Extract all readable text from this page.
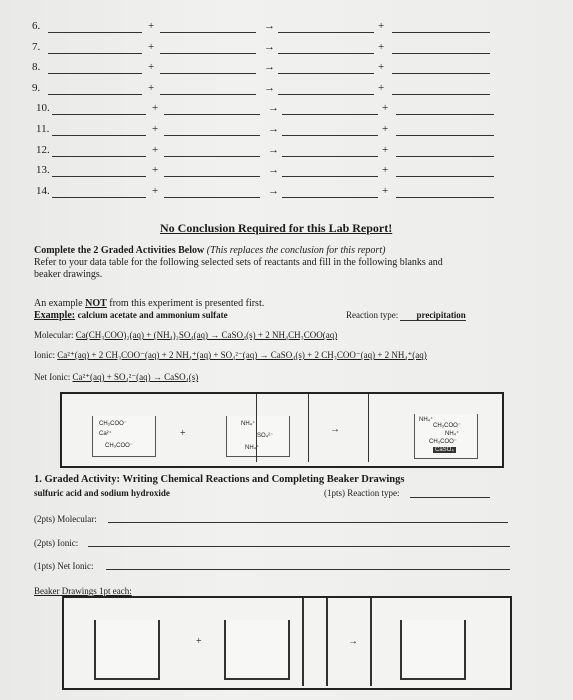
6.	+	→	+
7.	+	→	+
8.	+	→	+
9.	+	→	+
10.	+	→	+
11.	+	→	+
12.	+	→	+
13.	+	→	+
14.	+	→	+
No Conclusion Required for this Lab Report!
Complete the 2 Graded Activities Below (This replaces the conclusion for this report)
Refer to your data table for the following selected sets of reactants and fill in the following blanks and
beaker drawings.
An example NOT from this experiment is presented first.
Example: calcium acetate and ammonium sulfate	Reaction type: precipitation
Molecular: Ca(CH₃COO)₂(aq) + (NH₄)₂SO₄(aq) → CaSO₄(s) + 2 NH₄CH₃COO(aq)
Ionic: Ca²⁺(aq) + 2 CH₃COO⁻(aq) + 2 NH₄⁺(aq) + SO₄²⁻(aq) → CaSO₄(s) + 2 CH₃COO⁻(aq) + 2 NH₄⁺(aq)
Net Ionic: Ca²⁺(aq) + SO₄²⁻(aq) → CaSO₄(s)
CH₃COO⁻
Ca²⁺
CH₃COO⁻
+
NH₄⁺
SO₄²⁻
NH₄⁺
→
NH₄⁺
CH₃COO⁻
NH₄⁺
CH₃COO⁻
CaSO₄
1. Graded Activity: Writing Chemical Reactions and Completing Beaker Drawings
sulfuric acid and sodium hydroxide	(1pts) Reaction type:
(2pts) Molecular:
(2pts) Ionic:
(1pts) Net Ionic:
Beaker Drawings 1pt each:
+	→
